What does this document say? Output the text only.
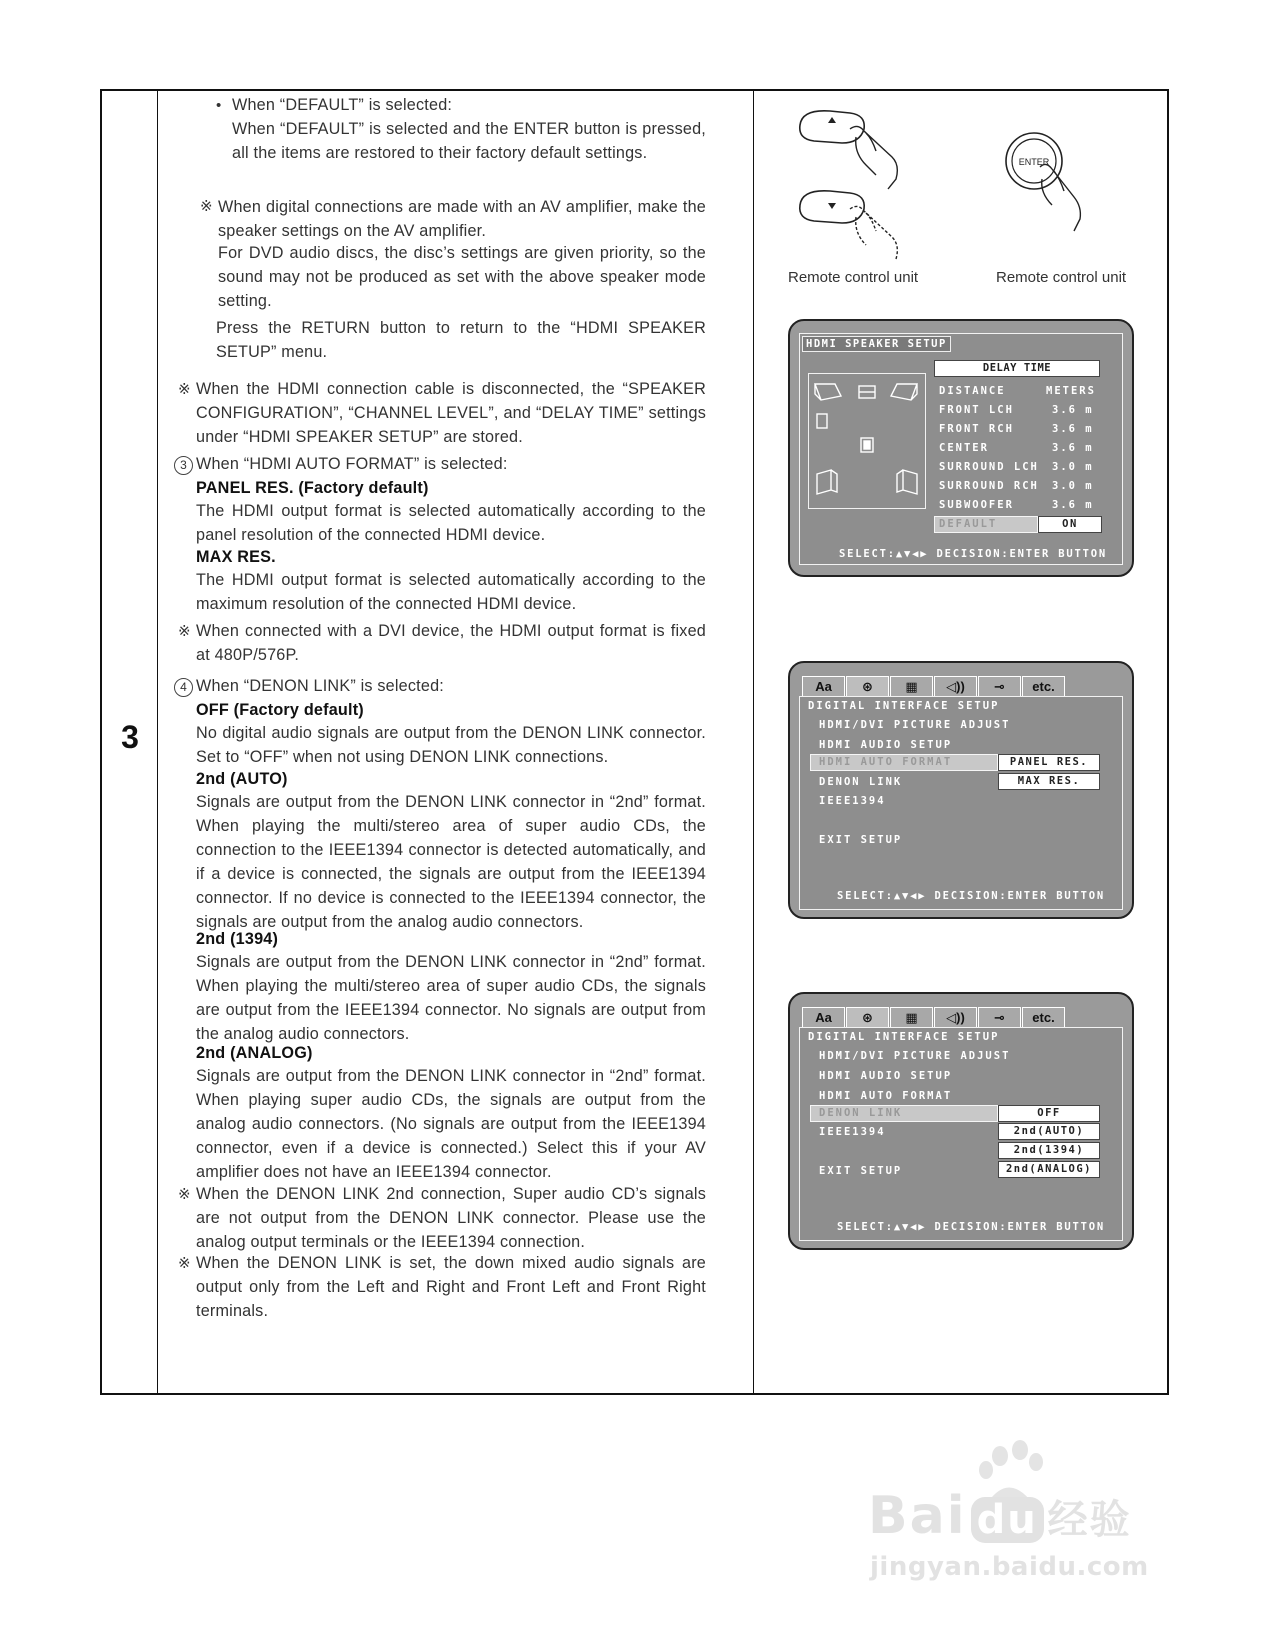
3
• When “DEFAULT” is selected:
When “DEFAULT” is selected and the ENTER button is pressed, all the items are restored to their factory default settings.
※ When digital connections are made with an AV amplifier, make the speaker settings on the AV amplifier.
For DVD audio discs, the disc’s settings are given priority, so the sound may not be produced as set with the above speaker mode setting.
Press the RETURN button to return to the “HDMI SPEAKER SETUP” menu.
※ When the HDMI connection cable is disconnected, the “SPEAKER CONFIGURATION”, “CHANNEL LEVEL”, and “DELAY TIME” settings under “HDMI SPEAKER SETUP” are stored.
3 When “HDMI AUTO FORMAT” is selected:
PANEL RES. (Factory default)
The HDMI output format is selected automatically according to the panel resolution of the connected HDMI device.
MAX RES.
The HDMI output format is selected automatically according to the maximum resolution of the connected HDMI device.
※ When connected with a DVI device, the HDMI output format is fixed at 480P/576P.
4 When “DENON LINK” is selected:
OFF (Factory default)
No digital audio signals are output from the DENON LINK connector. Set to “OFF” when not using DENON LINK connections.
2nd (AUTO)
Signals are output from the DENON LINK connector in “2nd” format. When playing the multi/stereo area of super audio CDs, the connection to the IEEE1394 connector is detected automatically, and if a device is connected, the signals are output from the IEEE1394 connector. If no device is connected to the IEEE1394 connector, the signals are output from the analog audio connectors.
2nd (1394)
Signals are output from the DENON LINK connector in “2nd” format. When playing the multi/stereo area of super audio CDs, the signals are output from the IEEE1394 connector. No signals are output from the analog audio connectors.
2nd (ANALOG)
Signals are output from the DENON LINK connector in “2nd” format. When playing super audio CDs, the signals are output from the analog audio connectors. (No signals are output from the IEEE1394 connector, even if a device is connected.) Select this if your AV amplifier does not have an IEEE1394 connector.
※ When the DENON LINK 2nd connection, Super audio CD’s signals are not output from the DENON LINK connector. Please use the analog output terminals or the IEEE1394 connection.
※ When the DENON LINK is set, the down mixed audio signals are output only from the Left and Right and Front Left and Front Right terminals.
ENTER
Remote control unit	Remote control unit
HDMI SPEAKER SETUP
DELAY TIME
DISTANCE	METERS
FRONT LCH	3.6 m
FRONT RCH	3.6 m
CENTER	3.6 m
SURROUND LCH 3.0 m
SURROUND RCH 3.0 m
SUBWOOFER	3.6 m
DEFAULT	ON
SELECT:▲▼◀▶ DECISION:ENTER BUTTON
Aa	⊛	▦	◁))	⊸	etc.
DIGITAL INTERFACE SETUP
HDMI/DVI PICTURE ADJUST
HDMI AUDIO SETUP
HDMI AUTO FORMAT
DENON LINK
IEEE1394
EXIT SETUP
PANEL RES.
MAX RES.
SELECT:▲▼◀▶ DECISION:ENTER BUTTON
Aa	⊛	▦	◁))	⊸	etc.
DIGITAL INTERFACE SETUP
HDMI/DVI PICTURE ADJUST
HDMI AUDIO SETUP
HDMI AUTO FORMAT
DENON LINK
IEEE1394
EXIT SETUP
OFF
2nd(AUTO)
2nd(1394)
2nd(ANALOG)
SELECT:▲▼◀▶ DECISION:ENTER BUTTON
Bai du 经验
jingyan.baidu.com
